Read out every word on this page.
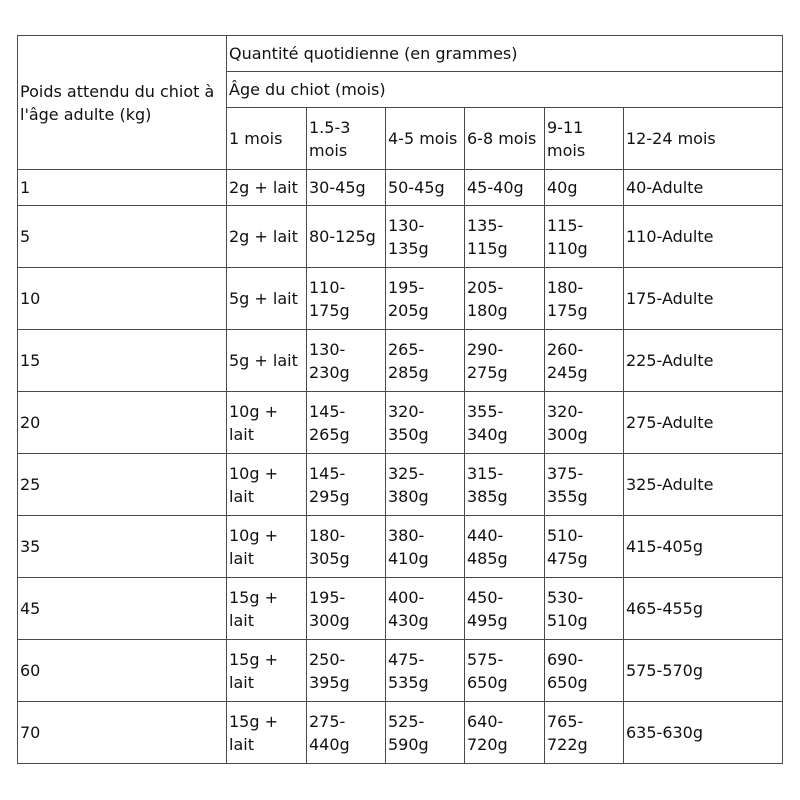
Poids attendu du chiot à l'âge adulte (kg)	Quantité quotidienne (en grammes)					
	Âge du chiot (mois)					
	1 mois	1.5-3 mois	4-5 mois	6-8 mois	9-11 mois	12-24 mois
1	2g + lait	30-45g	50-45g	45-40g	40g	40-Adulte
5	2g + lait	80-125g	130-135g	135-115g	115-110g	110-Adulte
10	5g + lait	110-175g	195-205g	205-180g	180-175g	175-Adulte
15	5g + lait	130-230g	265-285g	290-275g	260-245g	225-Adulte
20	10g + lait	145-265g	320-350g	355-340g	320-300g	275-Adulte
25	10g + lait	145-295g	325-380g	315-385g	375-355g	325-Adulte
35	10g + lait	180-305g	380-410g	440-485g	510-475g	415-405g
45	15g + lait	195-300g	400-430g	450-495g	530-510g	465-455g
60	15g + lait	250-395g	475-535g	575-650g	690-650g	575-570g
70	15g + lait	275-440g	525-590g	640-720g	765-722g	635-630g
